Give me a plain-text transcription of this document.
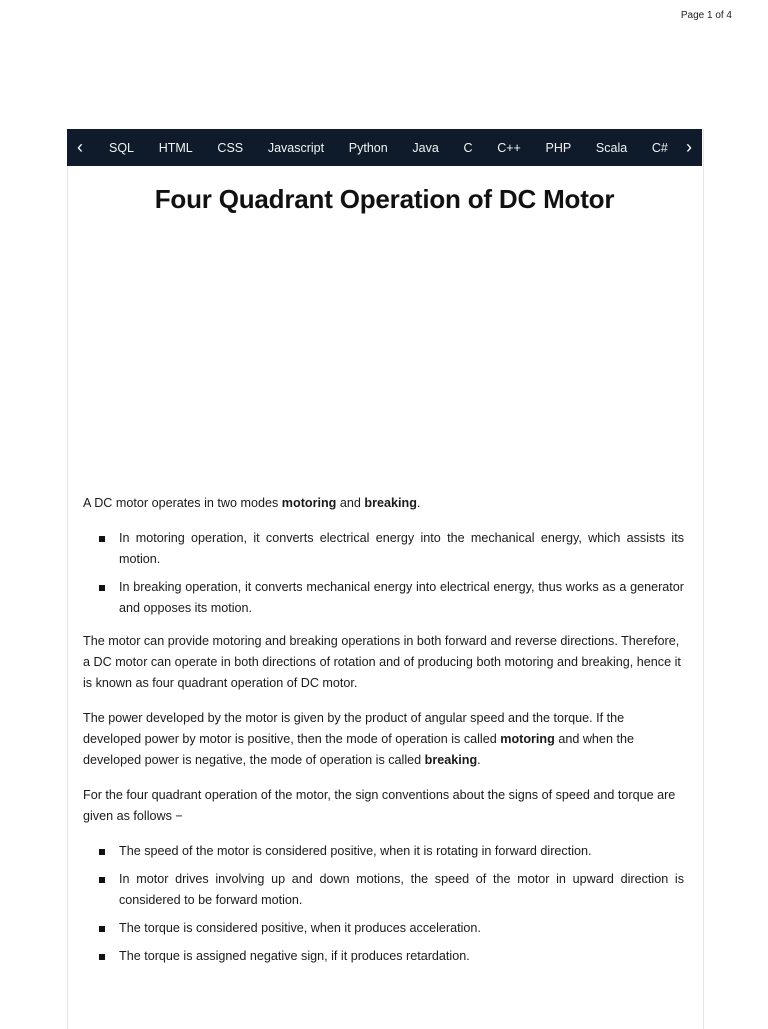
Page 1 of 4
‹ SQL HTML CSS Javascript Python Java C C++ PHP Scala C# ›
Four Quadrant Operation of DC Motor

A DC motor operates in two modes motoring and breaking.

In motoring operation, it converts electrical energy into the mechanical energy, which assists its motion.
In breaking operation, it converts mechanical energy into electrical energy, thus works as a generator and opposes its motion.

The motor can provide motoring and breaking operations in both forward and reverse directions. Therefore, a DC motor can operate in both directions of rotation and of producing both motoring and breaking, hence it is known as four quadrant operation of DC motor.

The power developed by the motor is given by the product of angular speed and the torque. If the developed power by motor is positive, then the mode of operation is called motoring and when the developed power is negative, the mode of operation is called breaking.

For the four quadrant operation of the motor, the sign conventions about the signs of speed and torque are given as follows −

The speed of the motor is considered positive, when it is rotating in forward direction.
In motor drives involving up and down motions, the speed of the motor in upward direction is considered to be forward motion.
The torque is considered positive, when it produces acceleration.
The torque is assigned negative sign, if it produces retardation.
